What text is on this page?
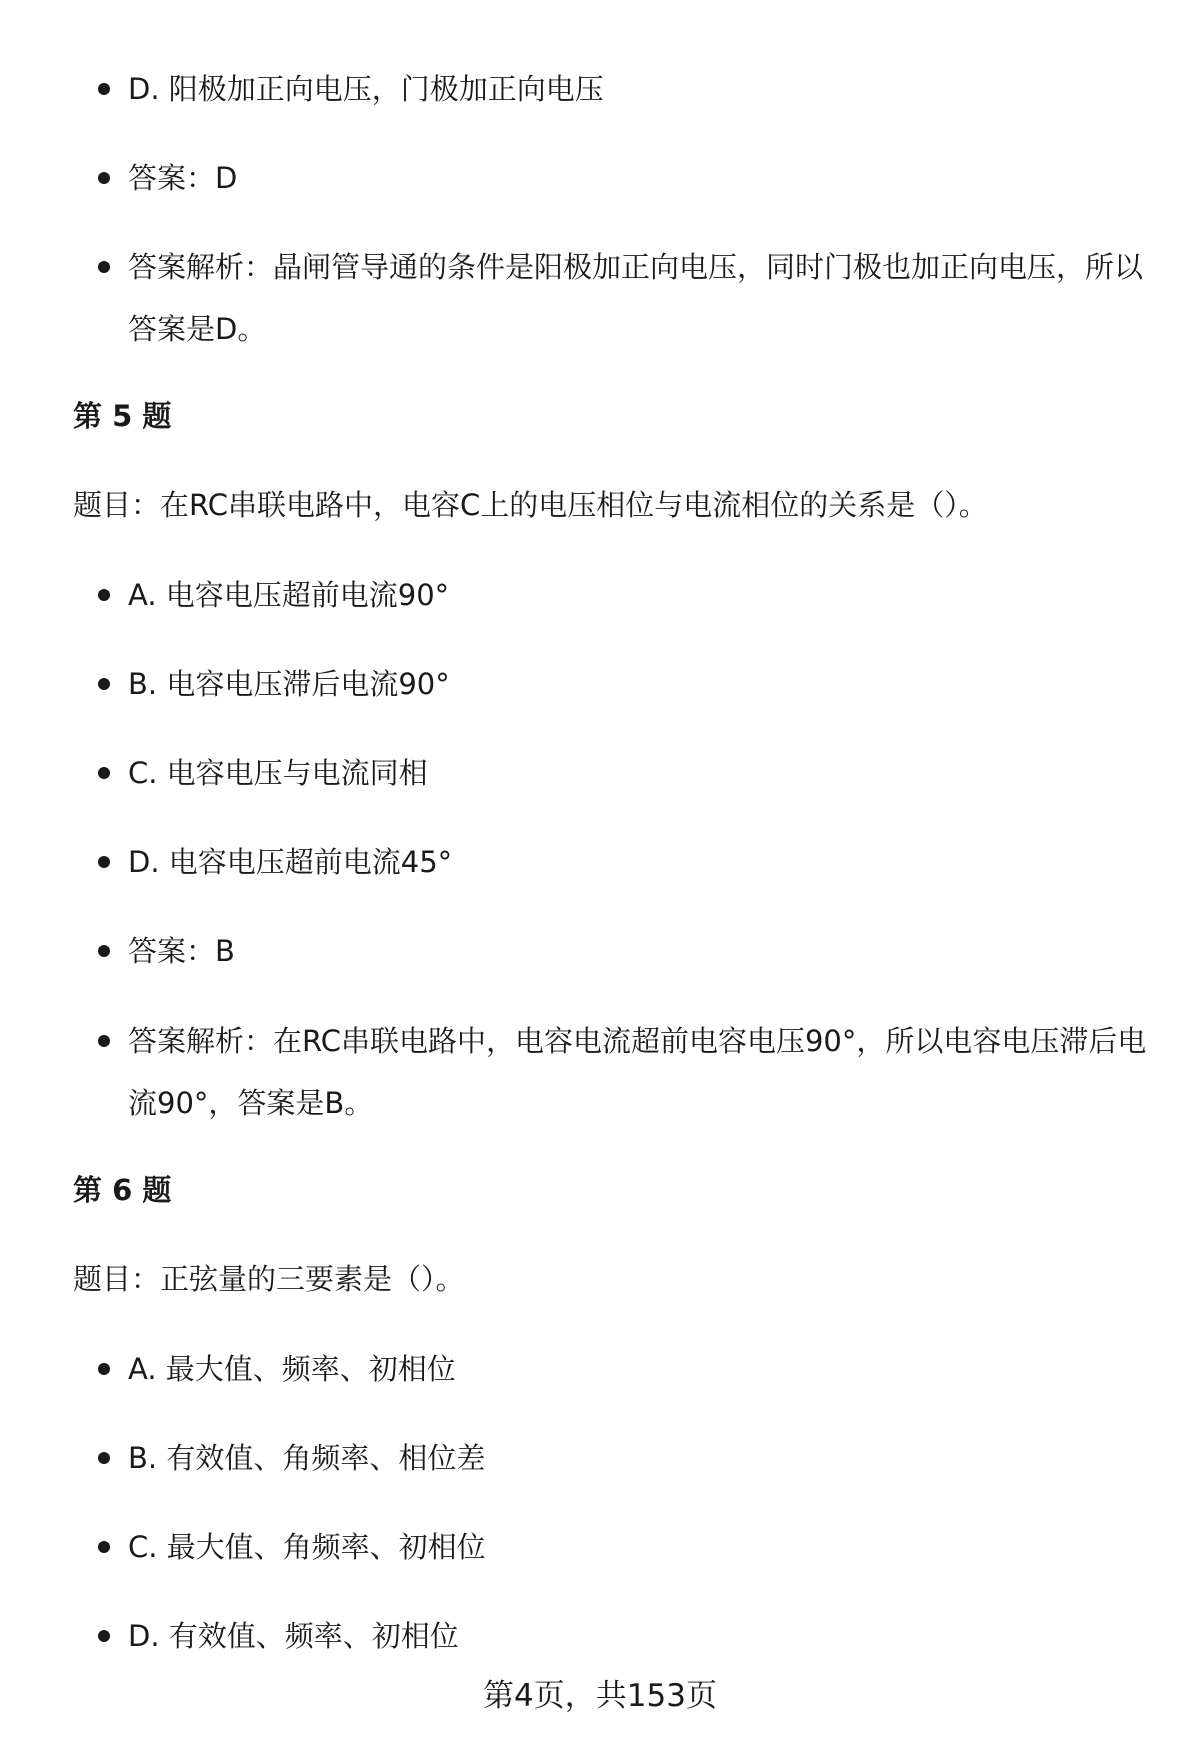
D. 阳极加正向电压，门极加正向电压
答案：D
答案解析：晶闸管导通的条件是阳极加正向电压，同时门极也加正向电压，所以答案是D。
第 5 题
题目：在RC串联电路中，电容C上的电压相位与电流相位的关系是（）。
A. 电容电压超前电流90°
B. 电容电压滞后电流90°
C. 电容电压与电流同相
D. 电容电压超前电流45°
答案：B
答案解析：在RC串联电路中，电容电流超前电容电压90°，所以电容电压滞后电流90°，答案是B。
第 6 题
题目：正弦量的三要素是（）。
A. 最大值、频率、初相位
B. 有效值、角频率、相位差
C. 最大值、角频率、初相位
D. 有效值、频率、初相位
第4页，共153页
